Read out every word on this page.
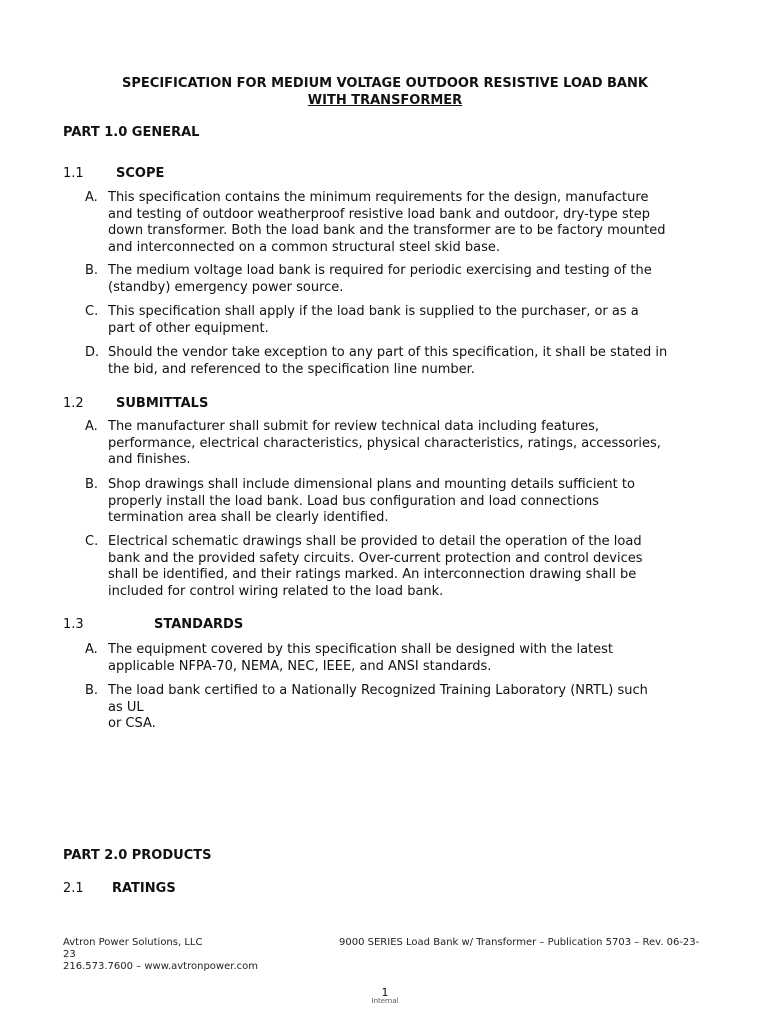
SPECIFICATION FOR MEDIUM VOLTAGE OUTDOOR RESISTIVE LOAD BANK
WITH TRANSFORMER
PART 1.0 GENERAL
1.1 SCOPE
A. This specification contains the minimum requirements for the design, manufacture
and testing of outdoor weatherproof resistive load bank and outdoor, dry-type step
down transformer. Both the load bank and the transformer are to be factory mounted
and interconnected on a common structural steel skid base.
B. The medium voltage load bank is required for periodic exercising and testing of the
(standby) emergency power source.
C. This specification shall apply if the load bank is supplied to the purchaser, or as a
part of other equipment.
D. Should the vendor take exception to any part of this specification, it shall be stated in
the bid, and referenced to the specification line number.
1.2 SUBMITTALS
A. The manufacturer shall submit for review technical data including features,
performance, electrical characteristics, physical characteristics, ratings, accessories,
and finishes.
B. Shop drawings shall include dimensional plans and mounting details sufficient to
properly install the load bank. Load bus configuration and load connections
termination area shall be clearly identified.
C. Electrical schematic drawings shall be provided to detail the operation of the load
bank and the provided safety circuits. Over-current protection and control devices
shall be identified, and their ratings marked. An interconnection drawing shall be
included for control wiring related to the load bank.
1.3	STANDARDS
A. The equipment covered by this specification shall be designed with the latest
applicable NFPA-70, NEMA, NEC, IEEE, and ANSI standards.
B. The load bank certified to a Nationally Recognized Training Laboratory (NRTL) such
as UL
or CSA.
PART 2.0 PRODUCTS
2.1 RATINGS
Avtron Power Solutions, LLC	9000 SERIES Load Bank w/ Transformer – Publication 5703 – Rev. 06-23-
23
216.573.7600 – www.avtronpower.com
1
Internal
